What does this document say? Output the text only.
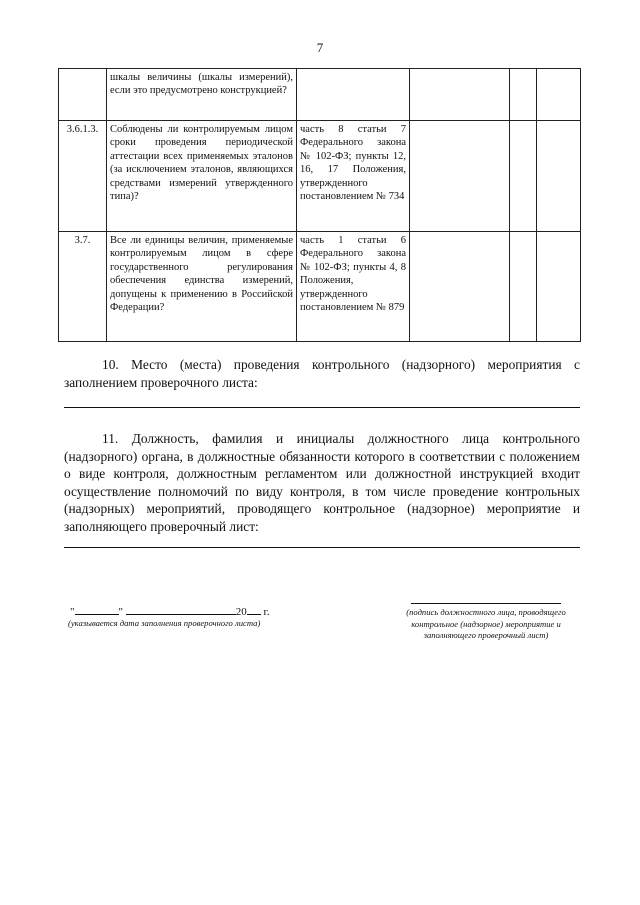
7
	шкалы величины (шкалы измерений), если это предусмотрено конструкцией?				
3.6.1.3.	Соблюдены ли контролируемым лицом сроки проведения периодической аттестации всех применяемых эталонов (за исключением эталонов, являющихся средствами измерений утвержденного типа)?	часть 8 статьи 7 Федерального закона № 102-ФЗ; пункты 12, 16, 17 Положения, утвержденного постановлением № 734			
3.7.	Все ли единицы величин, применяемые контролируемым лицом в сфере государственного регулирования обеспечения единства измерений, допущены к применению в Российской Федерации?	часть 1 статьи 6 Федерального закона № 102-ФЗ; пункты 4, 8 Положения, утвержденного постановлением № 879			
10. Место (места) проведения контрольного (надзорного) мероприятия с заполнением проверочного листа:
11. Должность, фамилия и инициалы должностного лица контрольного (надзорного) органа, в должностные обязанности которого в соответствии с положением о виде контроля, должностным регламентом или должностной инструкцией входит осуществление полномочий по виду контроля, в том числе проведение контрольных (надзорных) мероприятий, проводящего контрольное (надзорное) мероприятие и заполняющего проверочный лист:
"	"	20 г.
(указывается дата заполнения проверочного листа)
(подпись должностного лица, проводящего контрольное (надзорное) мероприятие и заполняющего проверочный лист)
